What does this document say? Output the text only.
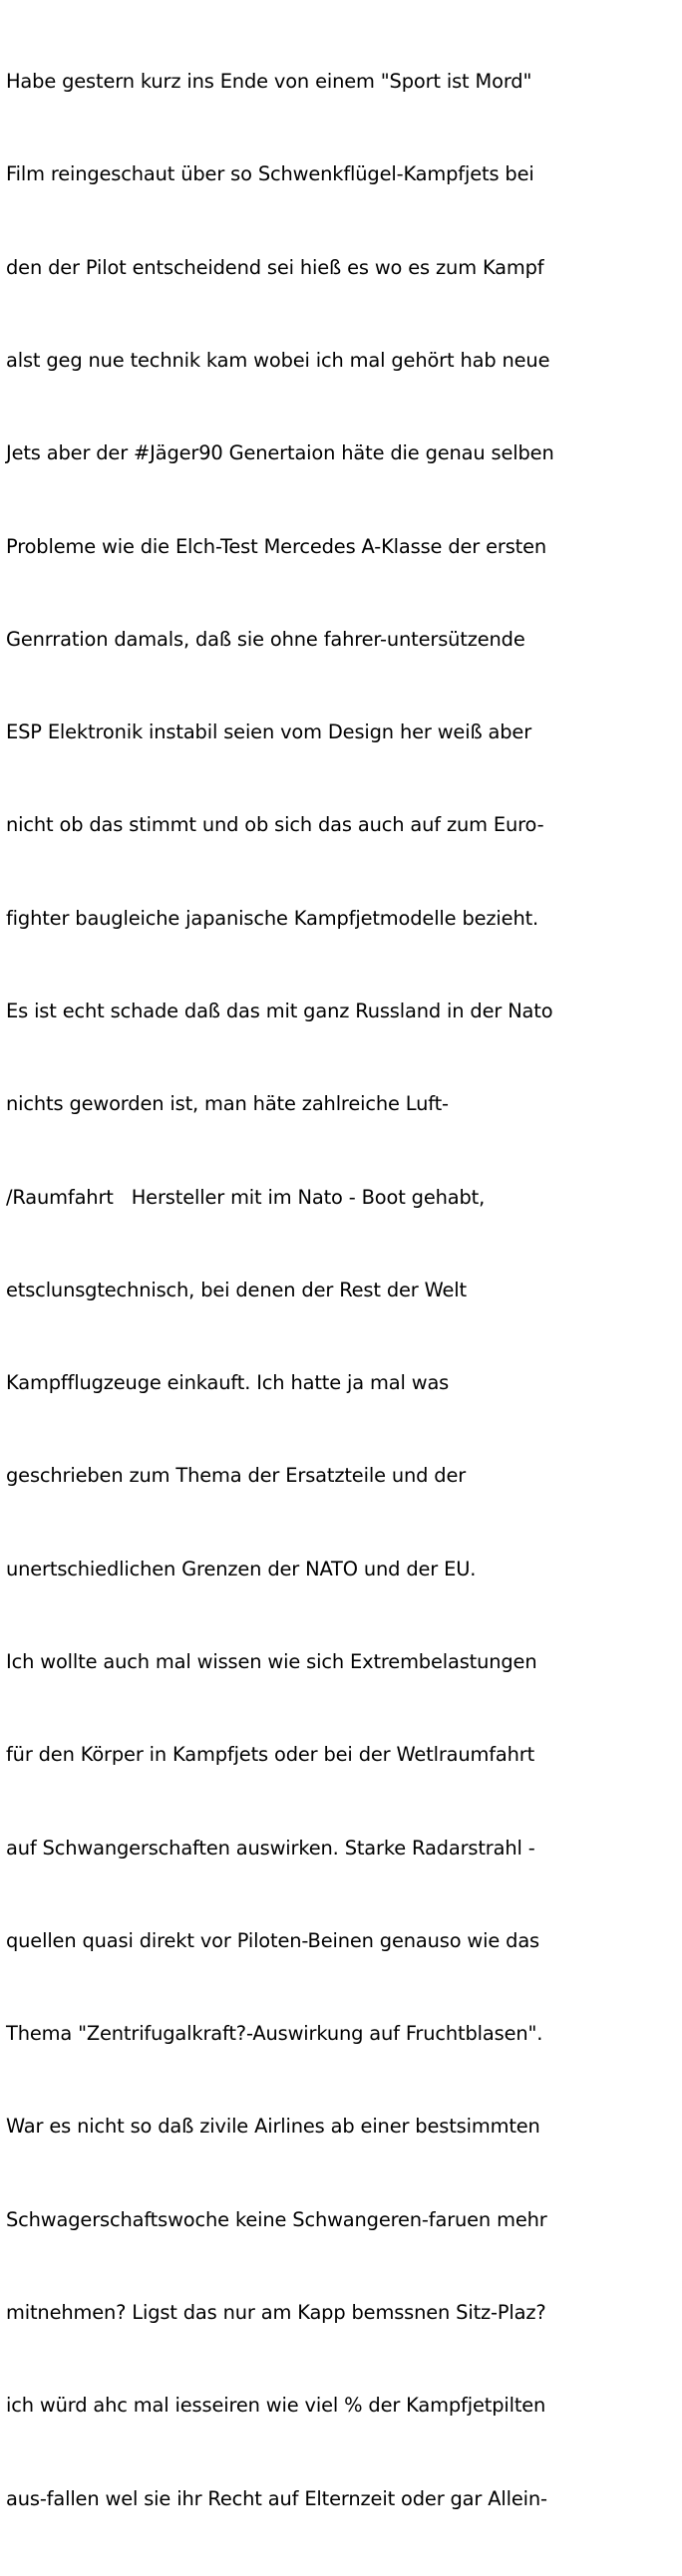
Habe gestern kurz ins Ende von einem "Sport ist Mord"

Film reingeschaut über so Schwenkflügel-Kampfjets bei

den der Pilot entscheidend sei hieß es wo es zum Kampf

alst geg nue technik kam wobei ich mal gehört hab neue

Jets aber der #Jäger90 Genertaion häte die genau selben

Probleme wie die Elch-Test Mercedes A-Klasse der ersten

Genrration damals, daß sie ohne fahrer-untersützende

ESP Elektronik instabil seien vom Design her weiß aber

nicht ob das stimmt und ob sich das auch auf zum Euro-

fighter baugleiche japanische Kampfjetmodelle bezieht.

Es ist echt schade daß das mit ganz Russland in der Nato

nichts geworden ist, man häte zahlreiche Luft-

/Raumfahrt   Hersteller mit im Nato - Boot gehabt,

etsclunsgtechnisch, bei denen der Rest der Welt

Kampfflugzeuge einkauft. Ich hatte ja mal was

geschrieben zum Thema der Ersatzteile und der

unertschiedlichen Grenzen der NATO und der EU.

Ich wollte auch mal wissen wie sich Extrembelastungen

für den Körper in Kampfjets oder bei der Wetlraumfahrt

auf Schwangerschaften auswirken. Starke Radarstrahl -

quellen quasi direkt vor Piloten-Beinen genauso wie das

Thema "Zentrifugalkraft?-Auswirkung auf Fruchtblasen".

War es nicht so daß zivile Airlines ab einer bestsimmten

Schwagerschaftswoche keine Schwangeren-faruen mehr

mitnehmen? Ligst das nur am Kapp bemssnen Sitz-Plaz?

ich würd ahc mal iesseiren wie viel % der Kampfjetpilten

aus-fallen wel sie ihr Recht auf Elternzeit oder gar Allein-
